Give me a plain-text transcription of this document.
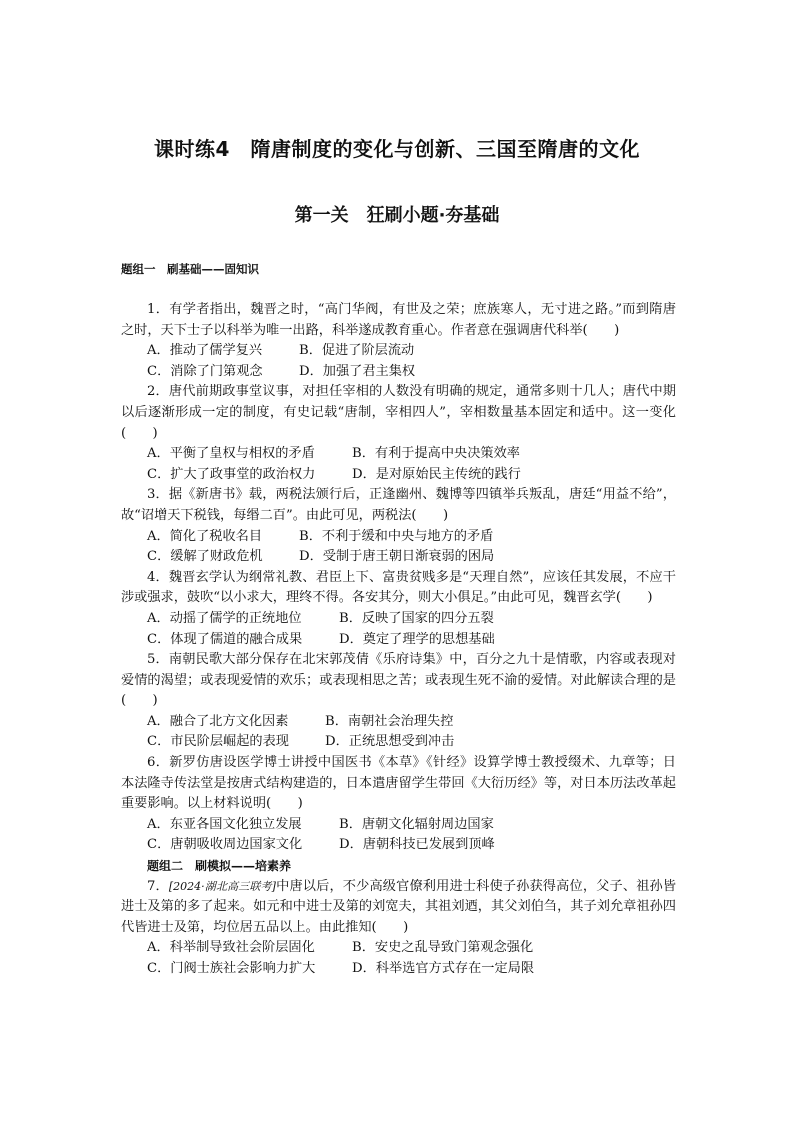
课时练4　隋唐制度的变化与创新、三国至隋唐的文化
第一关　狂刷小题·夯基础
题组一　刷基础——固知识

1．有学者指出，魏晋之时，“高门华阀，有世及之荣；庶族寒人，无寸进之路。”而到隋唐之时，天下士子以科举为唯一出路，科举遂成教育重心。作者意在强调唐代科举(　　)

A．推动了儒学复兴	B．促进了阶层流动
C．消除了门第观念	D．加强了君主集权

2．唐代前期政事堂议事，对担任宰相的人数没有明确的规定，通常多则十几人；唐代中期以后逐渐形成一定的制度，有史记载“唐制，宰相四人”，宰相数量基本固定和适中。这一变化(　　)

A．平衡了皇权与相权的矛盾	B．有利于提高中央决策效率
C．扩大了政事堂的政治权力	D．是对原始民主传统的践行

3．据《新唐书》载，两税法颁行后，正逢幽州、魏博等四镇举兵叛乱，唐廷“用益不给”，故“诏增天下税钱，每缗二百”。由此可见，两税法(　　)

A．简化了税收名目	B．不利于缓和中央与地方的矛盾
C．缓解了财政危机	D．受制于唐王朝日渐衰弱的困局

4．魏晋玄学认为纲常礼教、君臣上下、富贵贫贱多是“天理自然”，应该任其发展，不应干涉或强求，鼓吹“以小求大，理终不得。各安其分，则大小俱足。”由此可见，魏晋玄学(　　)

A．动摇了儒学的正统地位	B．反映了国家的四分五裂
C．体现了儒道的融合成果	D．奠定了理学的思想基础

5．南朝民歌大部分保存在北宋郭茂倩《乐府诗集》中，百分之九十是情歌，内容或表现对爱情的渴望；或表现爱情的欢乐；或表现相思之苦；或表现生死不渝的爱情。对此解读合理的是(　　)

A．融合了北方文化因素	B．南朝社会治理失控
C．市民阶层崛起的表现	D．正统思想受到冲击

6．新罗仿唐设医学博士讲授中国医书《本草》《针经》设算学博士教授缀术、九章等；日本法隆寺传法堂是按唐式结构建造的，日本遣唐留学生带回《大衍历经》等，对日本历法改革起重要影响。以上材料说明(　　)

A．东亚各国文化独立发展	B．唐朝文化辐射周边国家
C．唐朝吸收周边国家文化	D．唐朝科技已发展到顶峰

题组二　刷模拟——培素养

7．[2024·湖北高三联考]中唐以后，不少高级官僚利用进士科使子孙获得高位，父子、祖孙皆进士及第的多了起来。如元和中进士及第的刘宽夫，其祖刘迺，其父刘伯刍，其子刘允章祖孙四代皆进士及第，均位居五品以上。由此推知(　　)

A．科举制导致社会阶层固化	B．安史之乱导致门第观念强化
C．门阀士族社会影响力扩大	D．科举选官方式存在一定局限
